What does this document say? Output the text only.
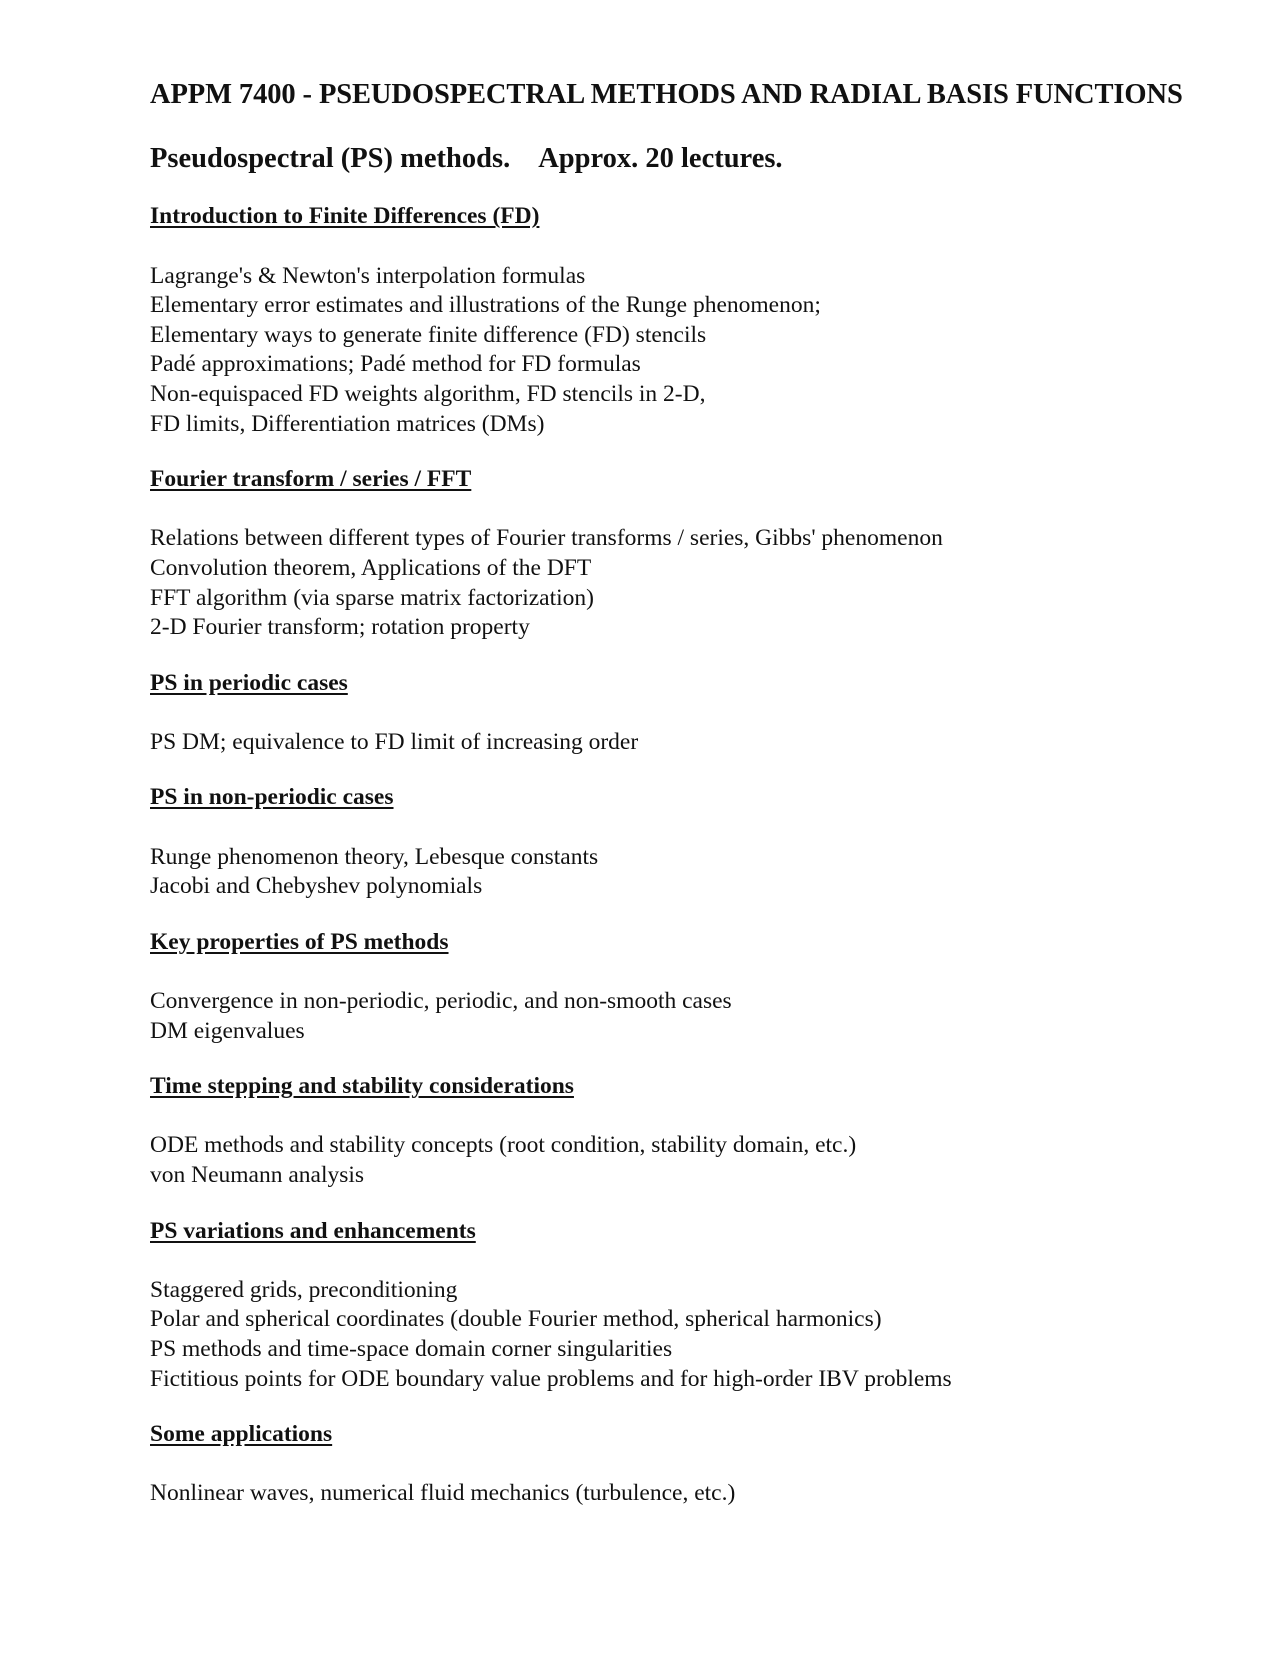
APPM 7400 - PSEUDOSPECTRAL METHODS AND RADIAL BASIS FUNCTIONS
Pseudospectral (PS) methods. Approx. 20 lectures.
Introduction to Finite Differences (FD)
Lagrange's & Newton's interpolation formulas
Elementary error estimates and illustrations of the Runge phenomenon;
Elementary ways to generate finite difference (FD) stencils
Padé approximations; Padé method for FD formulas
Non-equispaced FD weights algorithm, FD stencils in 2-D,
FD limits, Differentiation matrices (DMs)
Fourier transform / series / FFT
Relations between different types of Fourier transforms / series, Gibbs' phenomenon
Convolution theorem, Applications of the DFT
FFT algorithm (via sparse matrix factorization)
2-D Fourier transform; rotation property
PS in periodic cases
PS DM; equivalence to FD limit of increasing order
PS in non-periodic cases
Runge phenomenon theory, Lebesque constants
Jacobi and Chebyshev polynomials
Key properties of PS methods
Convergence in non-periodic, periodic, and non-smooth cases
DM eigenvalues
Time stepping and stability considerations
ODE methods and stability concepts (root condition, stability domain, etc.)
von Neumann analysis
PS variations and enhancements
Staggered grids, preconditioning
Polar and spherical coordinates (double Fourier method, spherical harmonics)
PS methods and time-space domain corner singularities
Fictitious points for ODE boundary value problems and for high-order IBV problems
Some applications
Nonlinear waves, numerical fluid mechanics (turbulence, etc.)
